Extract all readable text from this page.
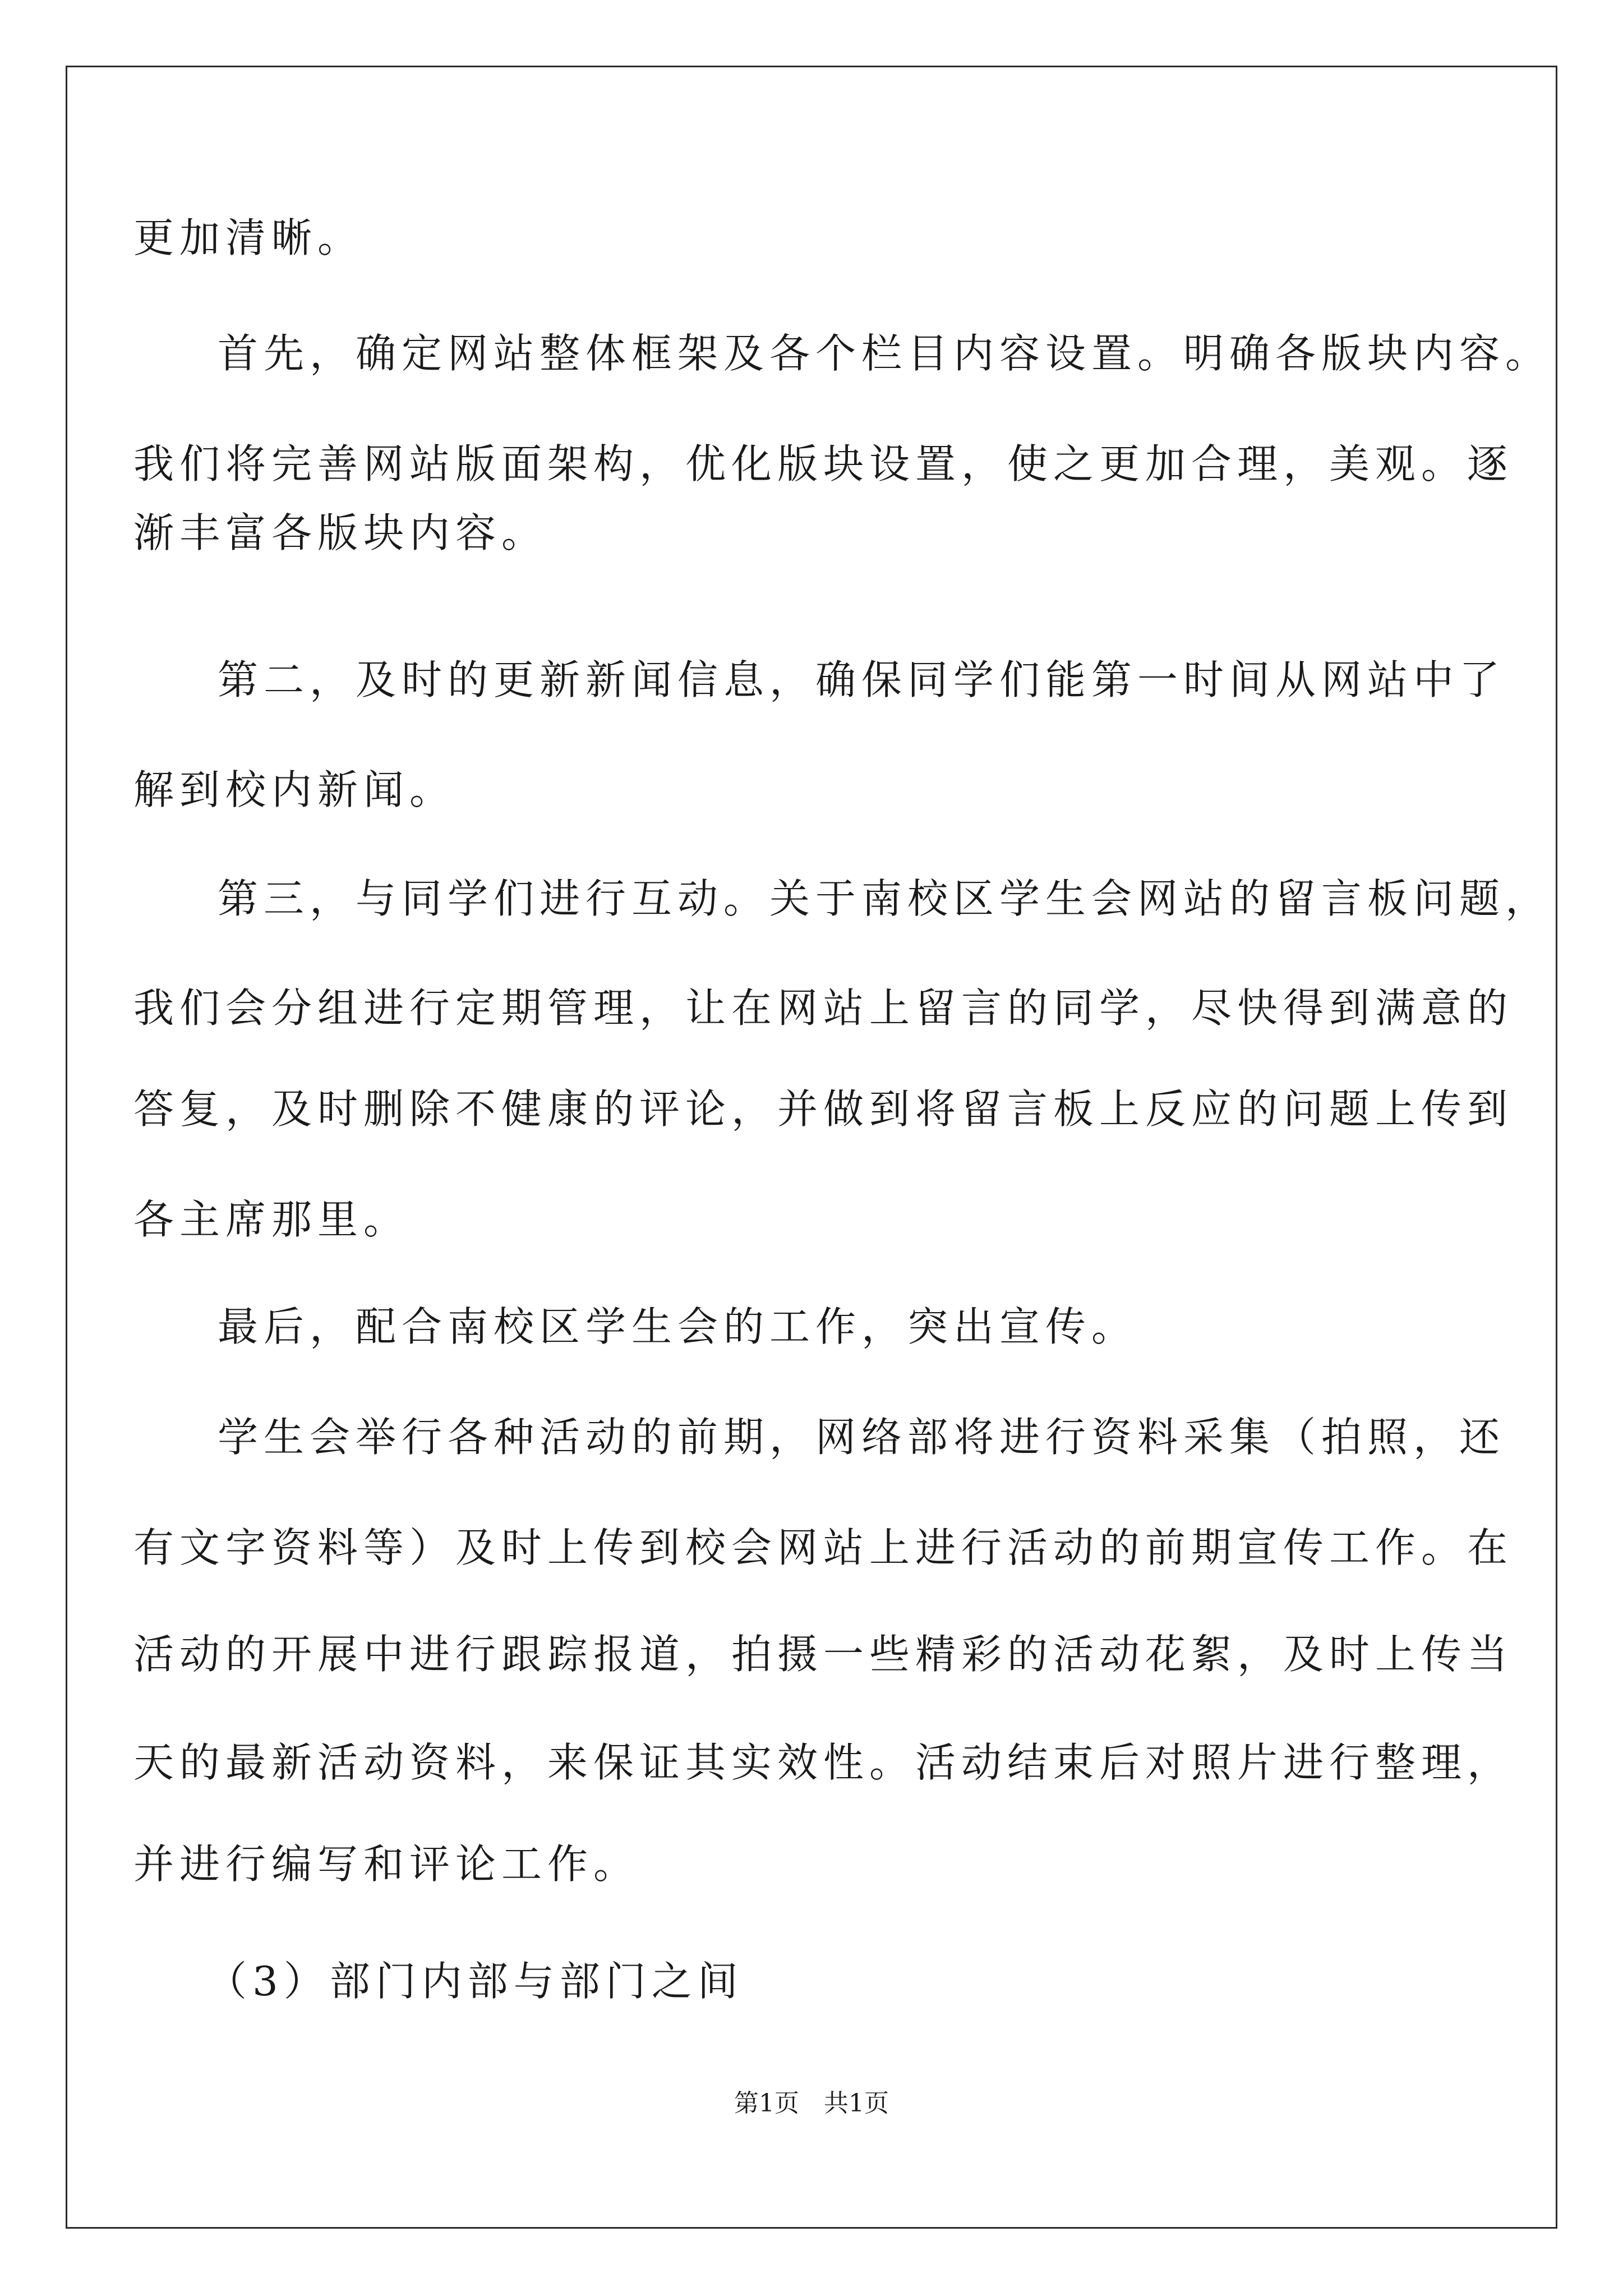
更加清晰。
首先，确定网站整体框架及各个栏目内容设置。明确各版块内容。
我们将完善网站版面架构，优化版块设置，使之更加合理，美观。逐
渐丰富各版块内容。
第二，及时的更新新闻信息，确保同学们能第一时间从网站中了
解到校内新闻。
第三，与同学们进行互动。关于南校区学生会网站的留言板问题，
我们会分组进行定期管理，让在网站上留言的同学，尽快得到满意的
答复，及时删除不健康的评论，并做到将留言板上反应的问题上传到
各主席那里。
最后，配合南校区学生会的工作，突出宣传。
学生会举行各种活动的前期，网络部将进行资料采集（拍照，还
有文字资料等）及时上传到校会网站上进行活动的前期宣传工作。在
活动的开展中进行跟踪报道，拍摄一些精彩的活动花絮，及时上传当
天的最新活动资料，来保证其实效性。活动结束后对照片进行整理，
并进行编写和评论工作。
（3）部门内部与部门之间
第1页　共1页
